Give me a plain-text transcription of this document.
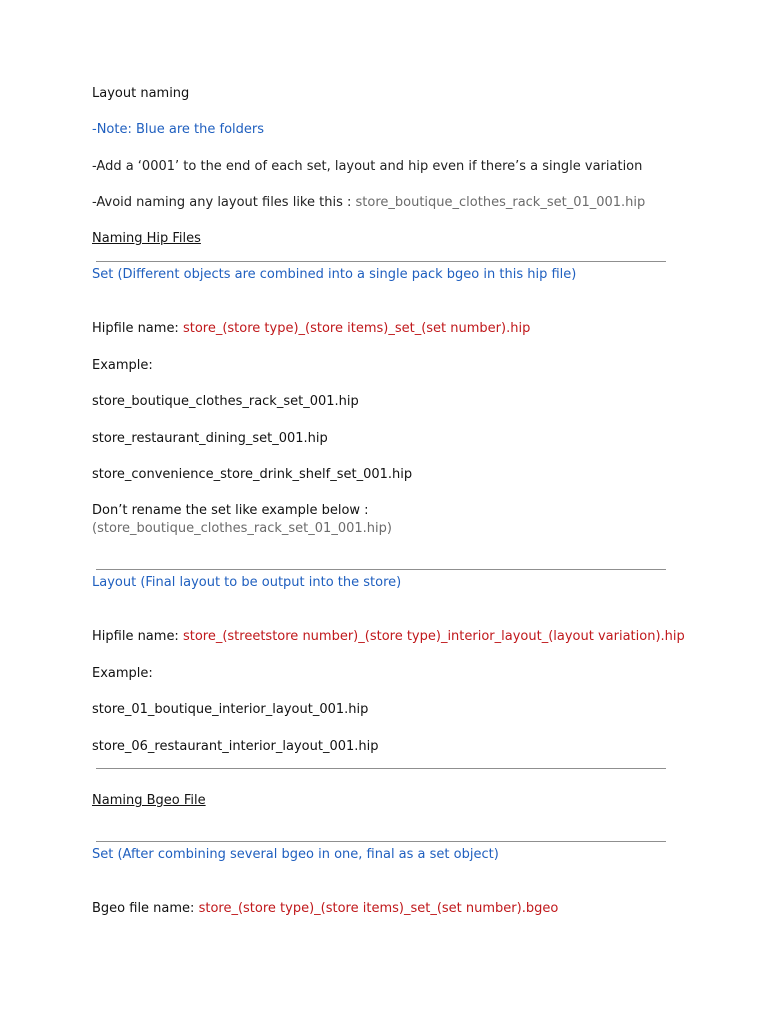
Layout naming
-Note: Blue are the folders
-Add a ‘0001’ to the end of each set, layout and hip even if there’s a single variation
-Avoid naming any layout files like this : store_boutique_clothes_rack_set_01_001.hip
Naming Hip Files
Set (Different objects are combined into a single pack bgeo in this hip file)
Hipfile name: store_(store type)_(store items)_set_(set number).hip
Example:
store_boutique_clothes_rack_set_001.hip
store_restaurant_dining_set_001.hip
store_convenience_store_drink_shelf_set_001.hip
Don’t rename the set like example below :
(store_boutique_clothes_rack_set_01_001.hip)
Layout (Final layout to be output into the store)
Hipfile name: store_(streetstore number)_(store type)_interior_layout_(layout variation).hip
Example:
store_01_boutique_interior_layout_001.hip
store_06_restaurant_interior_layout_001.hip
Naming Bgeo File
Set (After combining several bgeo in one, final as a set object)
Bgeo file name: store_(store type)_(store items)_set_(set number).bgeo
